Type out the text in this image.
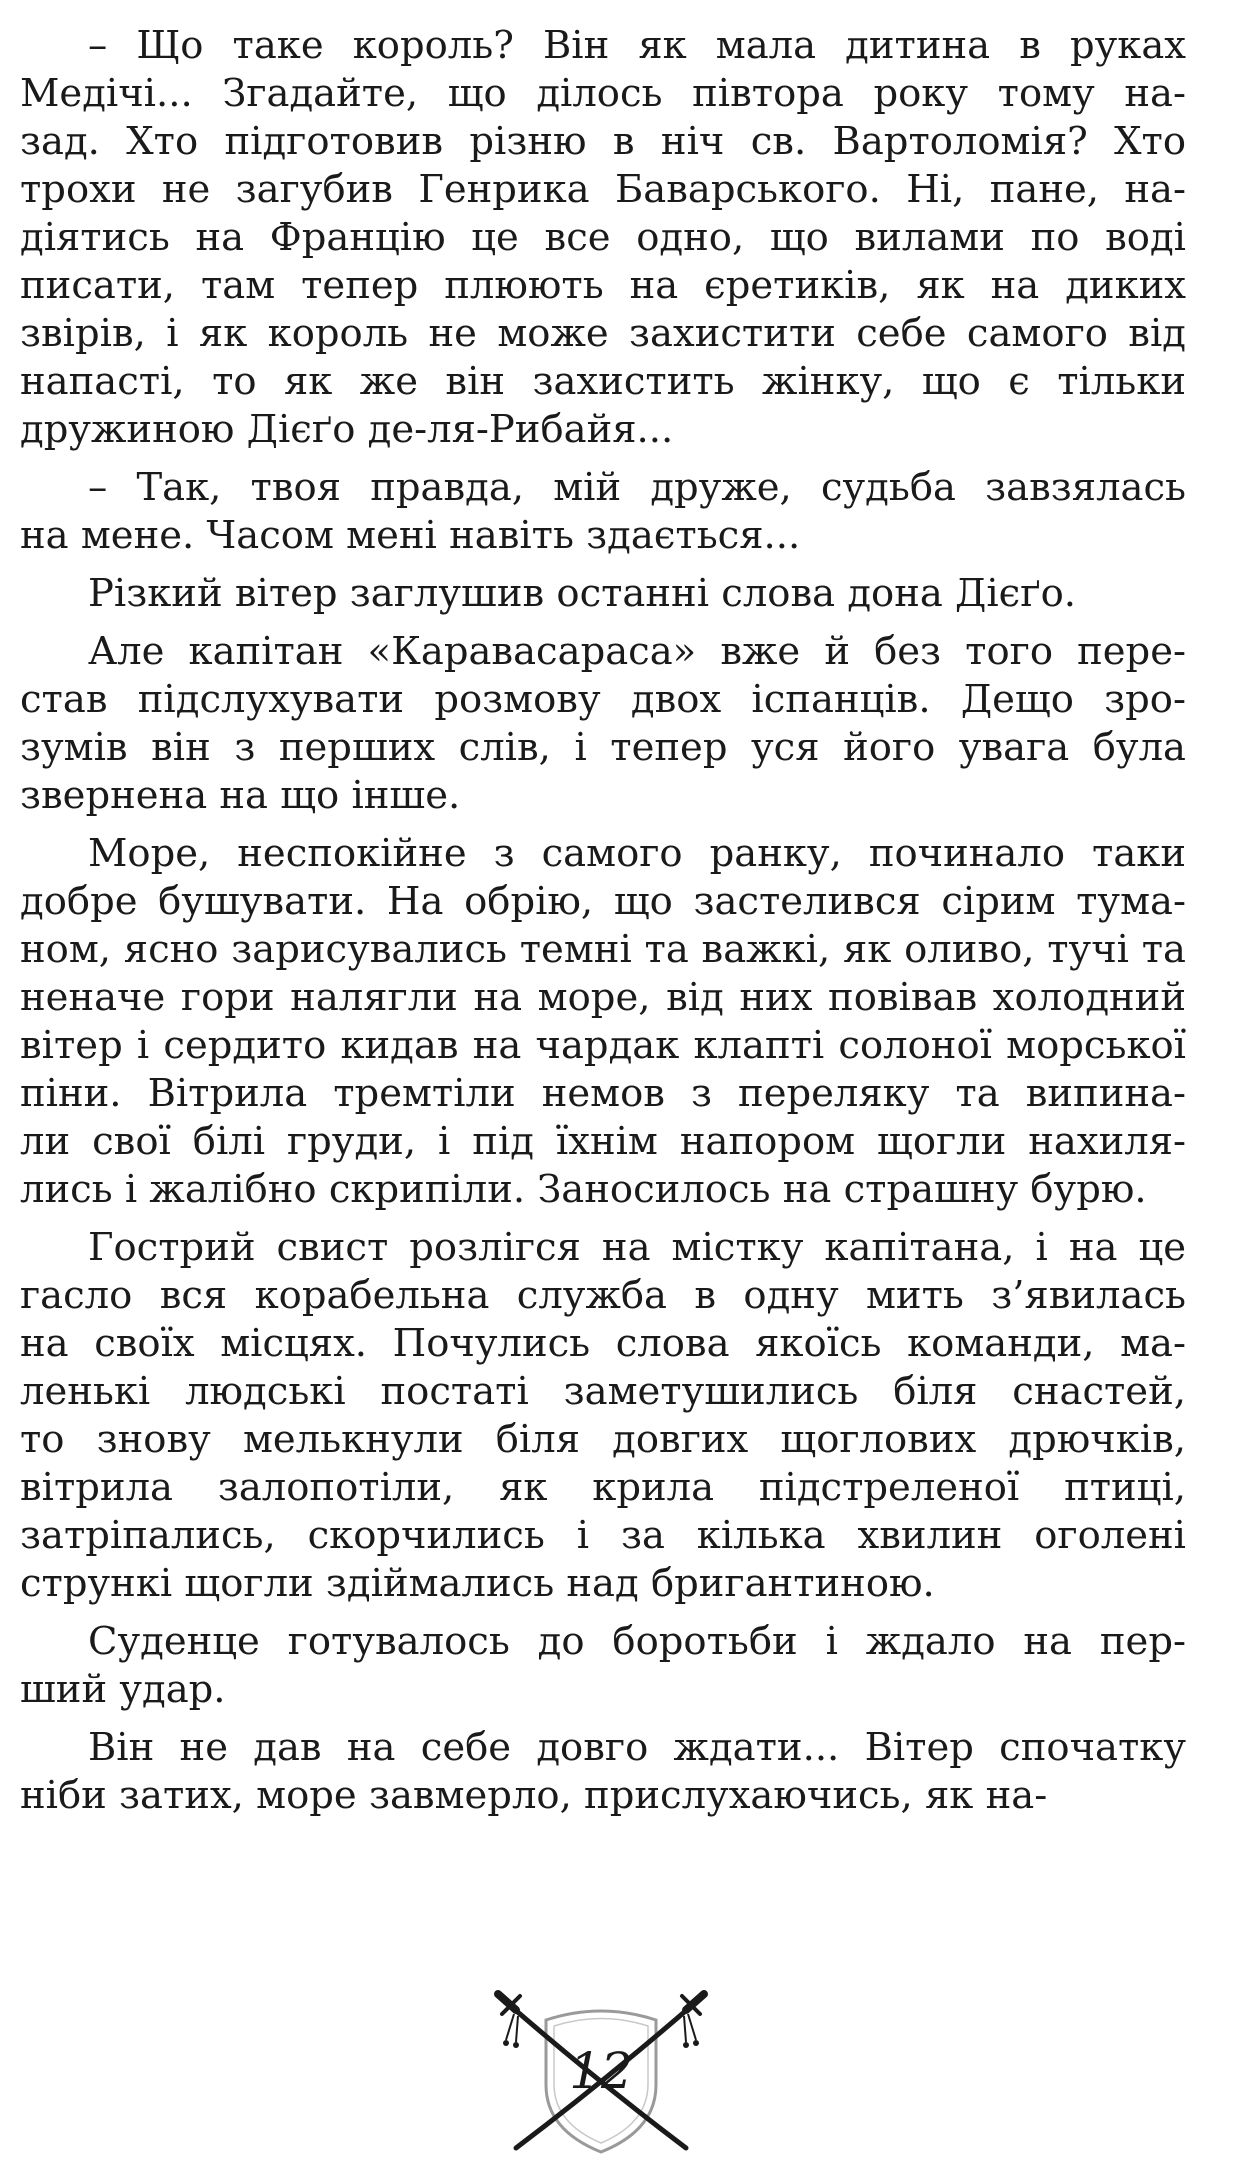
– Що таке король? Він як мала дитина в руках
Медічі... Згадайте, що ділось півтора року тому на-
зад. Хто підготовив різню в ніч св. Вартоломія? Хто
трохи не загубив Генрика Баварського. Ні, пане, на-
діятись на Францію це все одно, що вилами по воді
писати, там тепер плюють на єретиків, як на диких
звірів, і як король не може захистити себе самого від
напасті, то як же він захистить жінку, що є тільки
дружиною Дієґо де-ля-Рибайя...
– Так, твоя правда, мій друже, судьба завзялась
на мене. Часом мені навіть здається...
Різкий вітер заглушив останні слова дона Дієґо.
Але капітан «Каравасараса» вже й без того пере-
став підслухувати розмову двох іспанців. Дещо зро-
зумів він з перших слів, і тепер уся його увага була
звернена на що інше.
Море, неспокійне з самого ранку, починало таки
добре бушувати. На обрію, що застелився сірим тума-
ном, ясно зарисувались темні та важкі, як оливо, тучі та
неначе гори налягли на море, від них повівав холодний
вітер і сердито кидав на чардак клапті солоної морської
піни. Вітрила тремтіли немов з переляку та випина-
ли свої білі груди, і під їхнім напором щогли нахиля-
лись і жалібно скрипіли. Заносилось на страшну бурю.
Гострий свист розлігся на містку капітана, і на це
гасло вся корабельна служба в одну мить з’явилась
на своїх місцях. Почулись слова якоїсь команди, ма-
ленькі людські постаті заметушились біля снастей,
то знову мелькнули біля довгих щоглових дрючків,
вітрила залопотіли, як крила підстреленої птиці,
затріпались, скорчились і за кілька хвилин оголені
стрункі щогли здіймались над бригантиною.
Суденце готувалось до боротьби і ждало на пер-
ший удар.
Він не дав на себе довго ждати... Вітер спочатку
ніби затих, море завмерло, прислухаючись, як на-
12
